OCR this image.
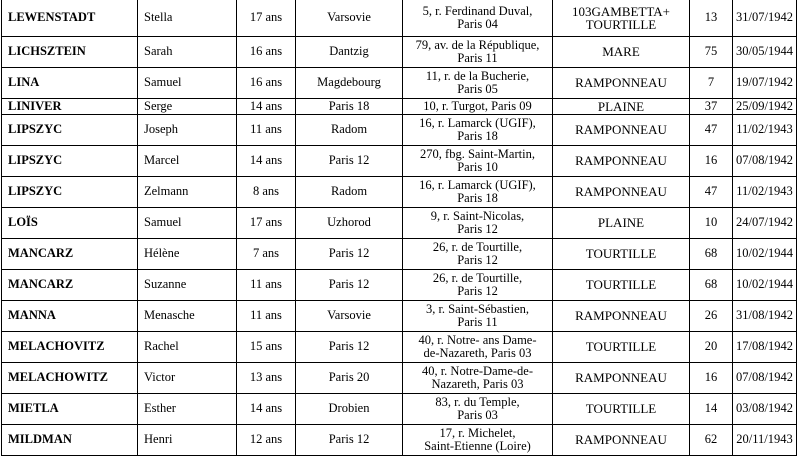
LEWENSTADT	Stella	17 ans	Varsovie	5, r. Ferdinand Duval,
Paris 04	103GAMBETTA+
TOURTILLE	13	31/07/1942
LICHSZTEIN	Sarah	16 ans	Dantzig	79, av. de la République,
Paris 11	MARE	75	30/05/1944
LINA	Samuel	16 ans	Magdebourg	11, r. de la Bucherie,
Paris 05	RAMPONNEAU	7	19/07/1942
LINIVER	Serge	14 ans	Paris 18	10, r. Turgot, Paris 09	PLAINE	37	25/09/1942
LIPSZYC	Joseph	11 ans	Radom	16, r. Lamarck (UGIF),
Paris 18	RAMPONNEAU	47	11/02/1943
LIPSZYC	Marcel	14 ans	Paris 12	270, fbg. Saint-Martin,
Paris 10	RAMPONNEAU	16	07/08/1942
LIPSZYC	Zelmann	8 ans	Radom	16, r. Lamarck (UGIF),
Paris 18	RAMPONNEAU	47	11/02/1943
LOÏS	Samuel	17 ans	Uzhorod	9, r. Saint-Nicolas,
Paris 12	PLAINE	10	24/07/1942
MANCARZ	Hélène	7 ans	Paris 12	26, r. de Tourtille,
Paris 12	TOURTILLE	68	10/02/1944
MANCARZ	Suzanne	11 ans	Paris 12	26, r. de Tourtille,
Paris 12	TOURTILLE	68	10/02/1944
MANNA	Menasche	11 ans	Varsovie	3, r. Saint-Sébastien,
Paris 11	RAMPONNEAU	26	31/08/1942
MELACHOVITZ	Rachel	15 ans	Paris 12	40, r. Notre- ans Dame-
de-Nazareth, Paris 03	TOURTILLE	20	17/08/1942
MELACHOWITZ	Victor	13 ans	Paris 20	40, r. Notre-Dame-de-
Nazareth, Paris 03	RAMPONNEAU	16	07/08/1942
MIETLA	Esther	14 ans	Drobien	83, r. du Temple,
Paris 03	TOURTILLE	14	03/08/1942
MILDMAN	Henri	12 ans	Paris 12	17, r. Michelet,
Saint-Etienne (Loire)	RAMPONNEAU	62	20/11/1943
